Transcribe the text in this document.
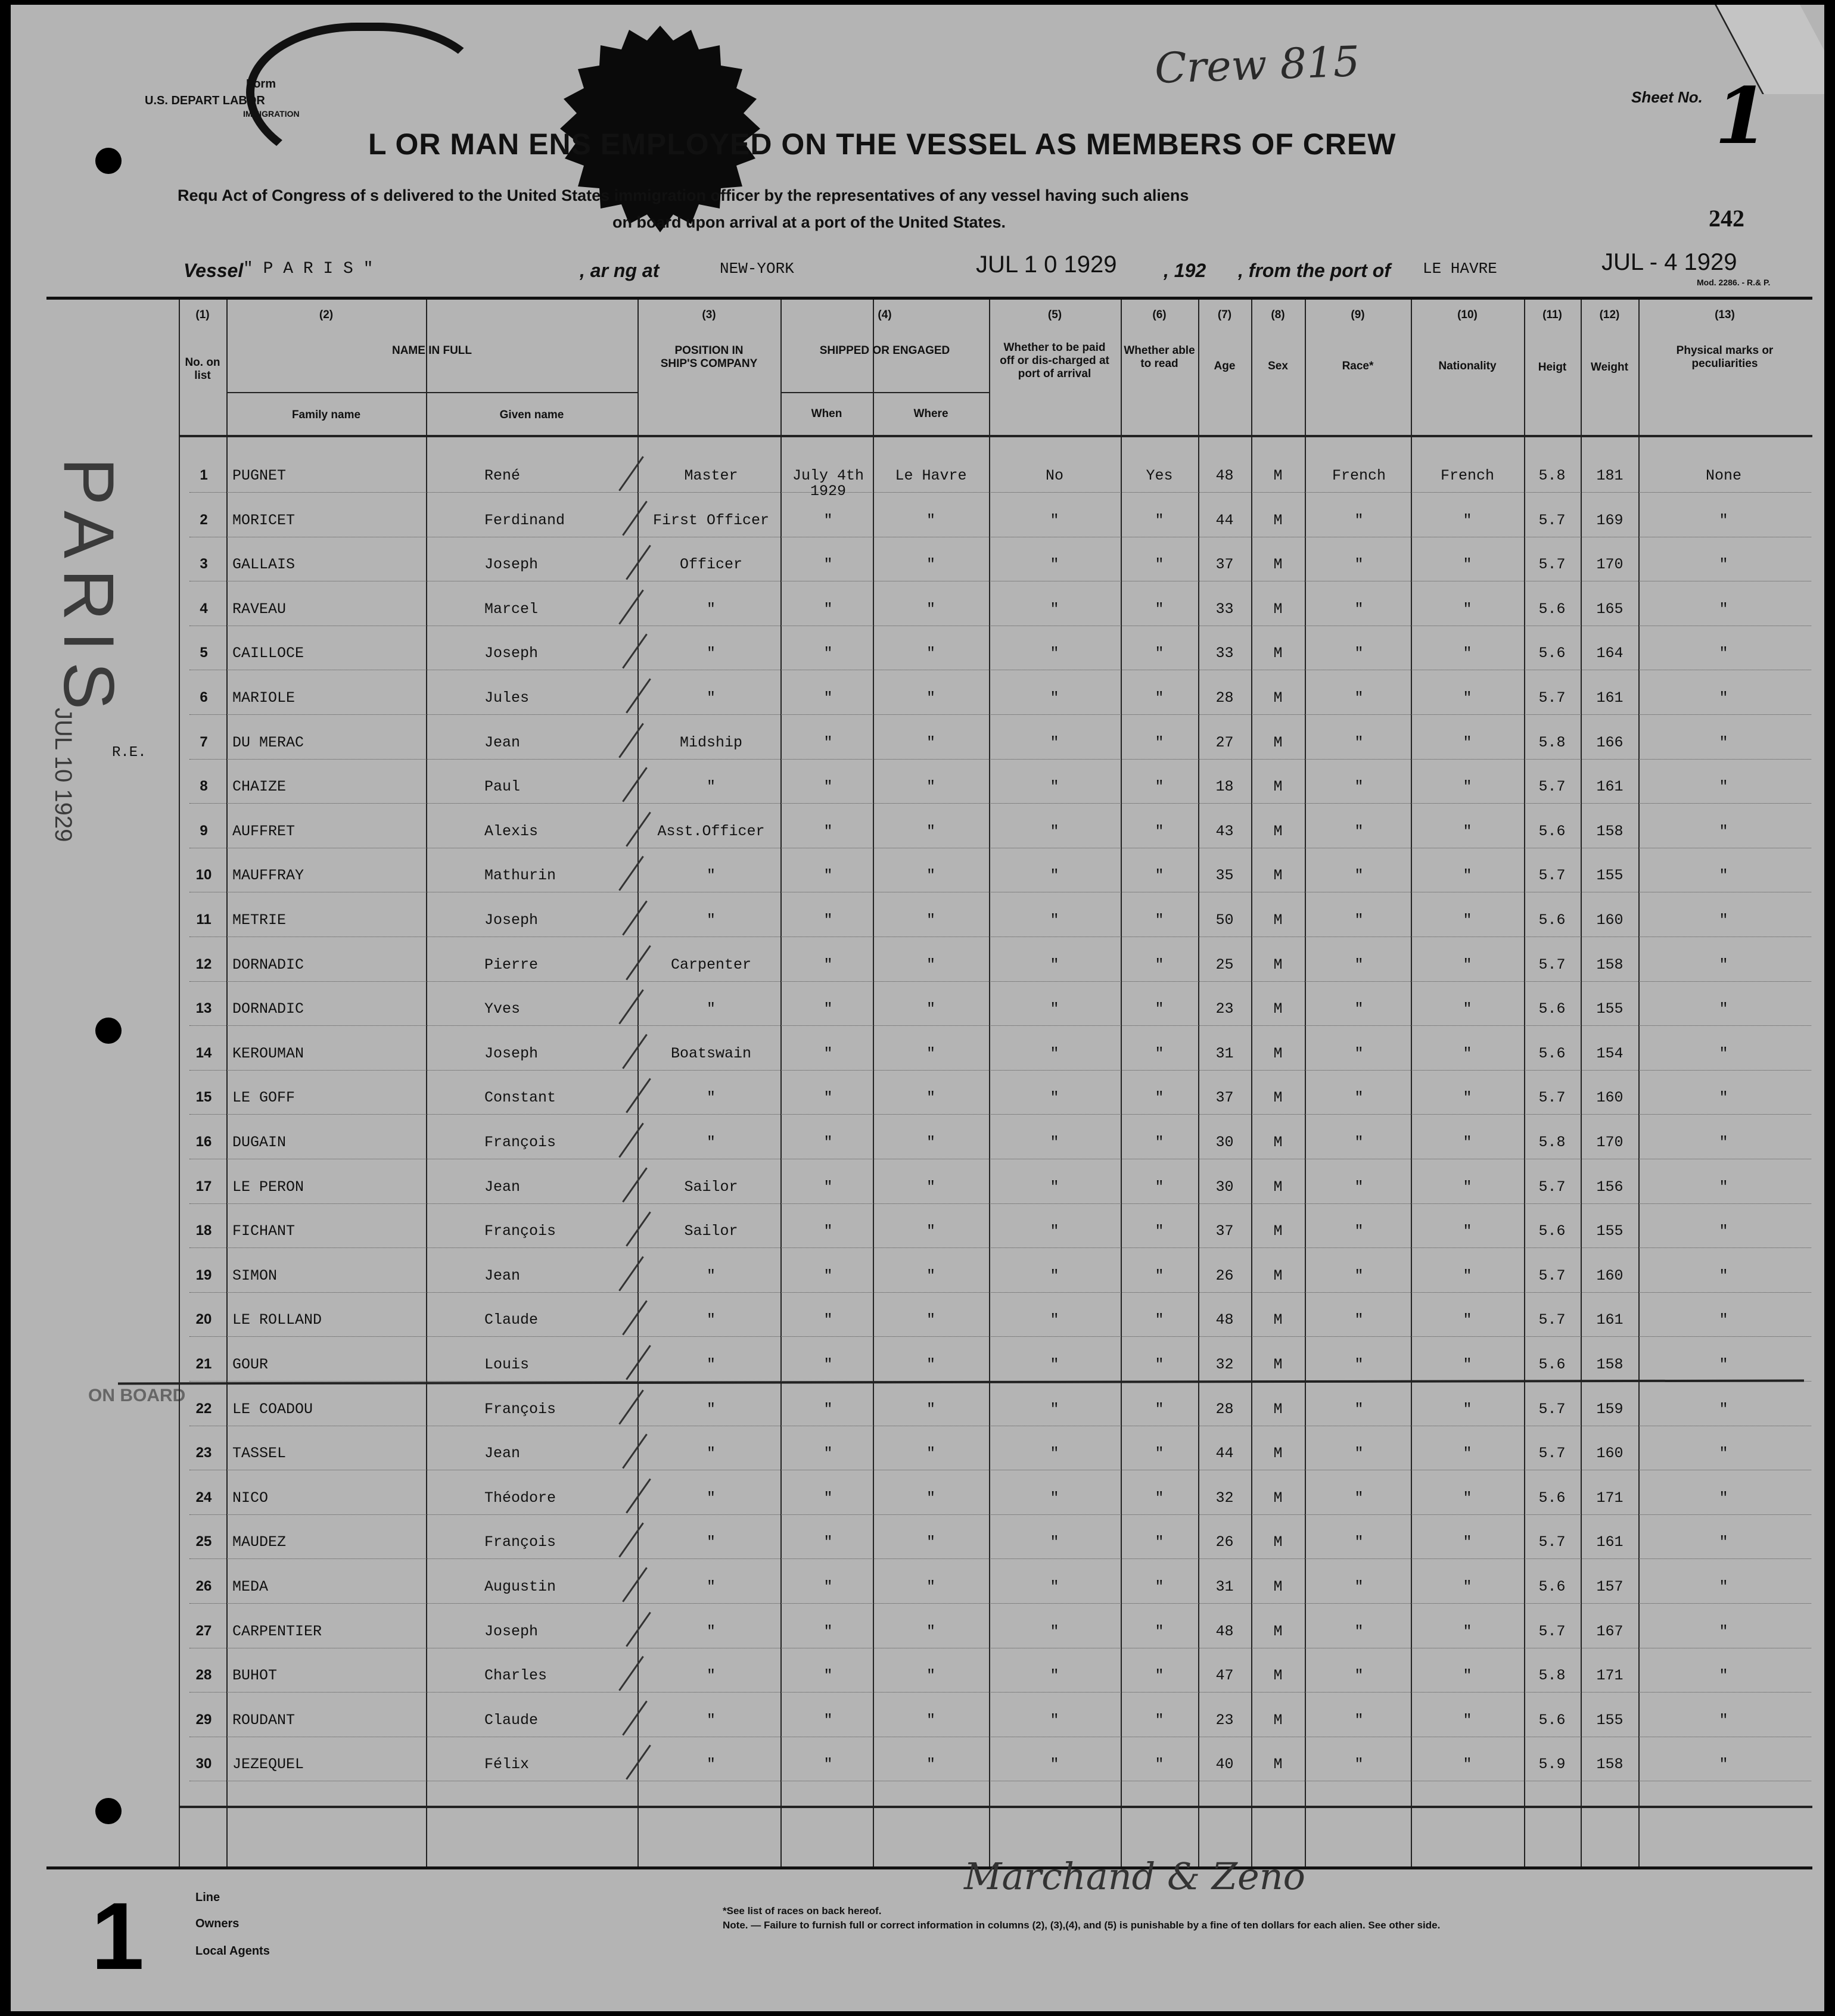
Form
U.S. DEPART LABOR
IMMIGRATION
L OR MAN ENS EMPLOYED ON THE VESSEL AS MEMBERS OF CREW
Requ Act of Congress of s delivered to the United States immigration officer by the representatives of any vessel having such aliens
on board upon arrival at a port of the United States.
Crew 815
Sheet No. 1
242
Mod. 2286. - R.& P.
Vessel " P A R I S "	, ar ng at	NEW-YORK	JUL 1 0 1929 , 192 , from the port of LE HAVRE	JUL - 4 1929
PARIS
JUL 10 1929	R.E.
ON BOARD
(1)
No. on list
(2)
NAME IN FULL
Family name	Given name
(3)
POSITION IN SHIP'S COMPANY
(4)
SHIPPED OR ENGAGED
When	Where
(5)
Whether to be paid off or dis-charged at port of arrival
(6)
Whether able to read
(7)
Age
(8)
Sex
(9)
Race*
(10)
Nationality
(11)
Heigt
(12)
Weight
(13)
Physical marks or peculiarities
1	PUGNET	René	Master	July 4th	Le Havre	No	Yes	48	M	French	French	5.8	181	None
1929
2	MORICET	Ferdinand	First Officer	"	"	"	"	44	M	"	"	5.7	169	"
3	GALLAIS	Joseph	Officer	"	"	"	"	37	M	"	"	5.7	170	"
4	RAVEAU	Marcel	"	"	"	"	"	33	M	"	"	5.6	165	"
5	CAILLOCE	Joseph	"	"	"	"	"	33	M	"	"	5.6	164	"
6	MARIOLE	Jules	"	"	"	"	"	28	M	"	"	5.7	161	"
7	DU MERAC	Jean	Midship	"	"	"	"	27	M	"	"	5.8	166	"
8	CHAIZE	Paul	"	"	"	"	"	18	M	"	"	5.7	161	"
9	AUFFRET	Alexis	Asst.Officer	"	"	"	"	43	M	"	"	5.6	158	"
10	MAUFFRAY	Mathurin	"	"	"	"	"	35	M	"	"	5.7	155	"
11	METRIE	Joseph	"	"	"	"	"	50	M	"	"	5.6	160	"
12	DORNADIC	Pierre	Carpenter	"	"	"	"	25	M	"	"	5.7	158	"
13	DORNADIC	Yves	"	"	"	"	"	23	M	"	"	5.6	155	"
14	KEROUMAN	Joseph	Boatswain	"	"	"	"	31	M	"	"	5.6	154	"
15	LE GOFF	Constant	"	"	"	"	"	37	M	"	"	5.7	160	"
16	DUGAIN	François	"	"	"	"	"	30	M	"	"	5.8	170	"
17	LE PERON	Jean	Sailor	"	"	"	"	30	M	"	"	5.7	156	"
18	FICHANT	François	Sailor	"	"	"	"	37	M	"	"	5.6	155	"
19	SIMON	Jean	"	"	"	"	"	26	M	"	"	5.7	160	"
20	LE ROLLAND	Claude	"	"	"	"	"	48	M	"	"	5.7	161	"
21	GOUR	Louis	"	"	"	"	"	32	M	"	"	5.6	158	"
22	LE COADOU	François	"	"	"	"	"	28	M	"	"	5.7	159	"
23	TASSEL	Jean	"	"	"	"	"	44	M	"	"	5.7	160	"
24	NICO	Théodore	"	"	"	"	"	32	M	"	"	5.6	171	"
25	MAUDEZ	François	"	"	"	"	"	26	M	"	"	5.7	161	"
26	MEDA	Augustin	"	"	"	"	"	31	M	"	"	5.6	157	"
27	CARPENTIER	Joseph	"	"	"	"	"	48	M	"	"	5.7	167	"
28	BUHOT	Charles	"	"	"	"	"	47	M	"	"	5.8	171	"
29	ROUDANT	Claude	"	"	"	"	"	23	M	"	"	5.6	155	"
30	JEZEQUEL	Félix	"	"	"	"	"	40	M	"	"	5.9	158	"
Line
Owners
Local Agents
Marchand & Zeno
*See list of races on back hereof.
Note. — Failure to furnish full or correct information in columns (2), (3),(4), and (5) is punishable by a fine of ten dollars for each alien. See other side.
1
